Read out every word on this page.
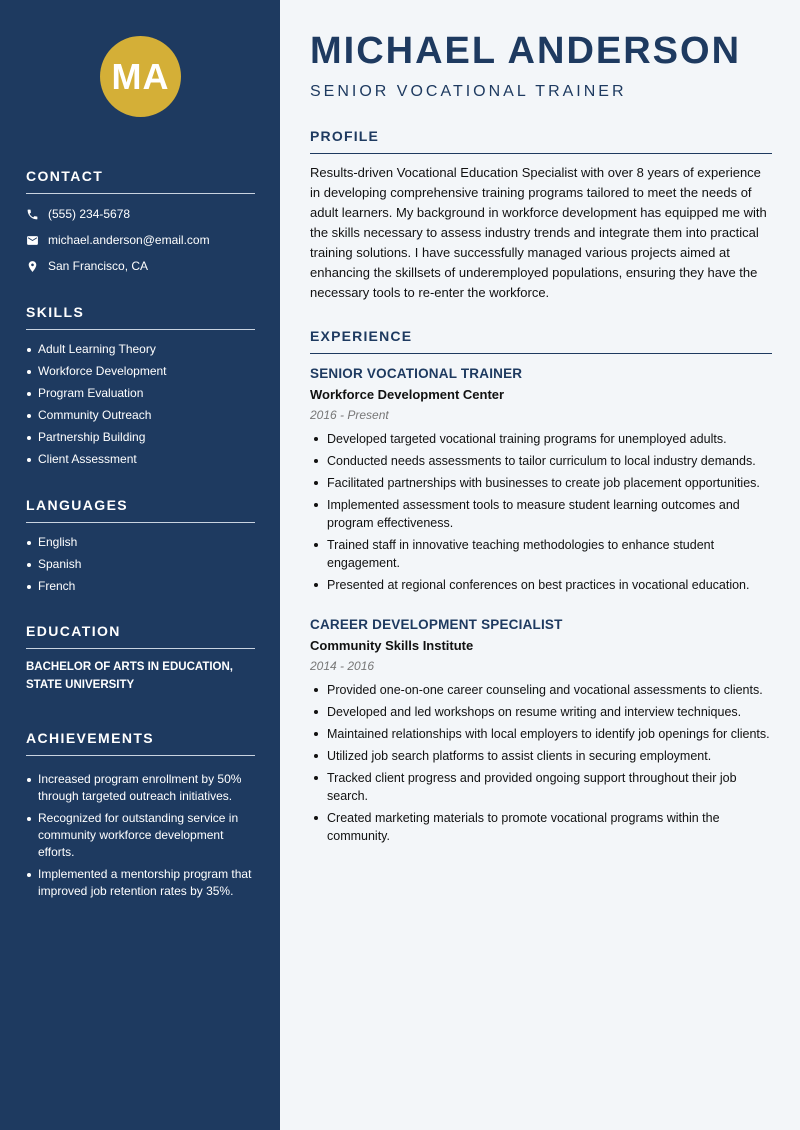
MA
CONTACT
(555) 234-5678
michael.anderson@email.com
San Francisco, CA
SKILLS
Adult Learning Theory
Workforce Development
Program Evaluation
Community Outreach
Partnership Building
Client Assessment
LANGUAGES
English
Spanish
French
EDUCATION
BACHELOR OF ARTS IN EDUCATION, STATE UNIVERSITY
ACHIEVEMENTS
Increased program enrollment by 50% through targeted outreach initiatives.
Recognized for outstanding service in community workforce development efforts.
Implemented a mentorship program that improved job retention rates by 35%.
MICHAEL ANDERSON
SENIOR VOCATIONAL TRAINER
PROFILE

Results-driven Vocational Education Specialist with over 8 years of experience in developing comprehensive training programs tailored to meet the needs of adult learners. My background in workforce development has equipped me with the skills necessary to assess industry trends and integrate them into practical training solutions. I have successfully managed various projects aimed at enhancing the skillsets of underemployed populations, ensuring they have the necessary tools to re-enter the workforce.

EXPERIENCE
SENIOR VOCATIONAL TRAINER
Workforce Development Center
2016 - Present
Developed targeted vocational training programs for unemployed adults.
Conducted needs assessments to tailor curriculum to local industry demands.
Facilitated partnerships with businesses to create job placement opportunities.
Implemented assessment tools to measure student learning outcomes and program effectiveness.
Trained staff in innovative teaching methodologies to enhance student engagement.
Presented at regional conferences on best practices in vocational education.
CAREER DEVELOPMENT SPECIALIST
Community Skills Institute
2014 - 2016
Provided one-on-one career counseling and vocational assessments to clients.
Developed and led workshops on resume writing and interview techniques.
Maintained relationships with local employers to identify job openings for clients.
Utilized job search platforms to assist clients in securing employment.
Tracked client progress and provided ongoing support throughout their job search.
Created marketing materials to promote vocational programs within the community.
